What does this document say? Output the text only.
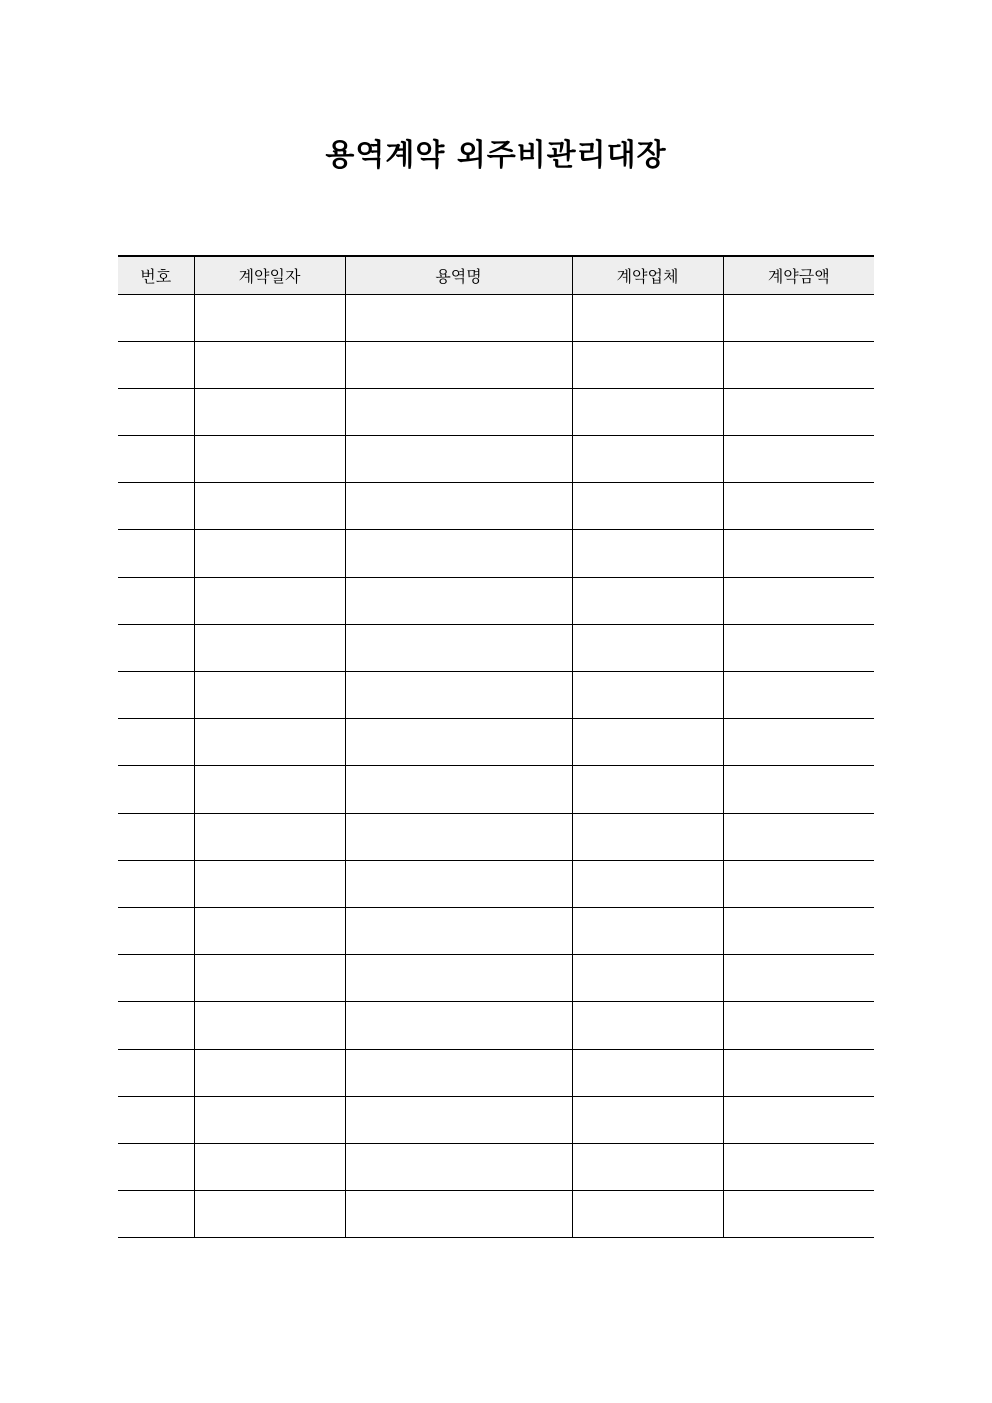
용역계약 외주비관리대장
번호	계약일자	용역명	계약업체	계약금액
